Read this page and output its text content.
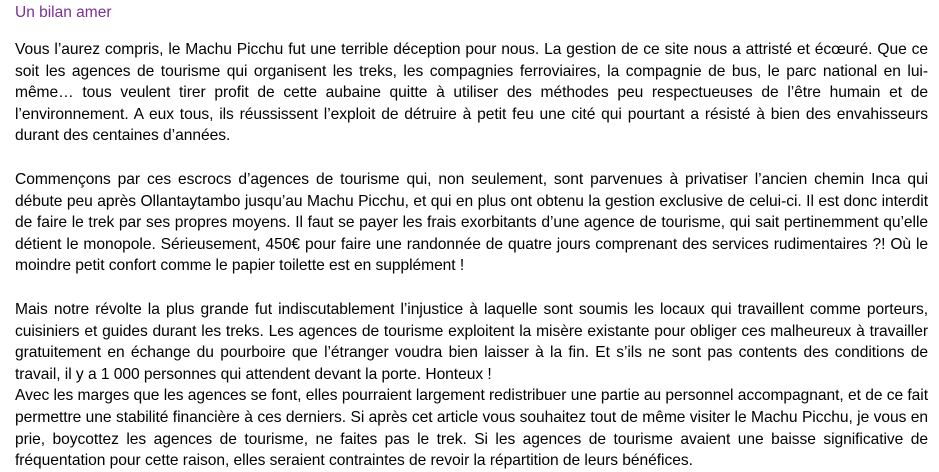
Un bilan amer

Vous l’aurez compris, le Machu Picchu fut une terrible déception pour nous. La gestion de ce site nous a attristé et écœuré. Que ce soit les agences de tourisme qui organisent les treks, les compagnies ferroviaires, la compagnie de bus, le parc national en lui-même… tous veulent tirer profit de cette aubaine quitte à utiliser des méthodes peu respectueuses de l’être humain et de l’environnement. A eux tous, ils réussissent l’exploit de détruire à petit feu une cité qui pourtant a résisté à bien des envahisseurs durant des centaines d’années.

Commençons par ces escrocs d’agences de tourisme qui, non seulement, sont parvenues à privatiser l’ancien chemin Inca qui débute peu après Ollantaytambo jusqu’au Machu Picchu, et qui en plus ont obtenu la gestion exclusive de celui-ci. Il est donc interdit de faire le trek par ses propres moyens. Il faut se payer les frais exorbitants d’une agence de tourisme, qui sait pertinemment qu’elle détient le monopole. Sérieusement, 450€ pour faire une randonnée de quatre jours comprenant des services rudimentaires ?! Où le moindre petit confort comme le papier toilette est en supplément !

Mais notre révolte la plus grande fut indiscutablement l’injustice à laquelle sont soumis les locaux qui travaillent comme porteurs, cuisiniers et guides durant les treks. Les agences de tourisme exploitent la misère existante pour obliger ces malheureux à travailler gratuitement en échange du pourboire que l’étranger voudra bien laisser à la fin. Et s’ils ne sont pas contents des conditions de travail, il y a 1 000 personnes qui attendent devant la porte. Honteux !

Avec les marges que les agences se font, elles pourraient largement redistribuer une partie au personnel accompagnant, et de ce fait permettre une stabilité financière à ces derniers. Si après cet article vous souhaitez tout de même visiter le Machu Picchu, je vous en prie, boycottez les agences de tourisme, ne faites pas le trek. Si les agences de tourisme avaient une baisse significative de fréquentation pour cette raison, elles seraient contraintes de revoir la répartition de leurs bénéfices.
